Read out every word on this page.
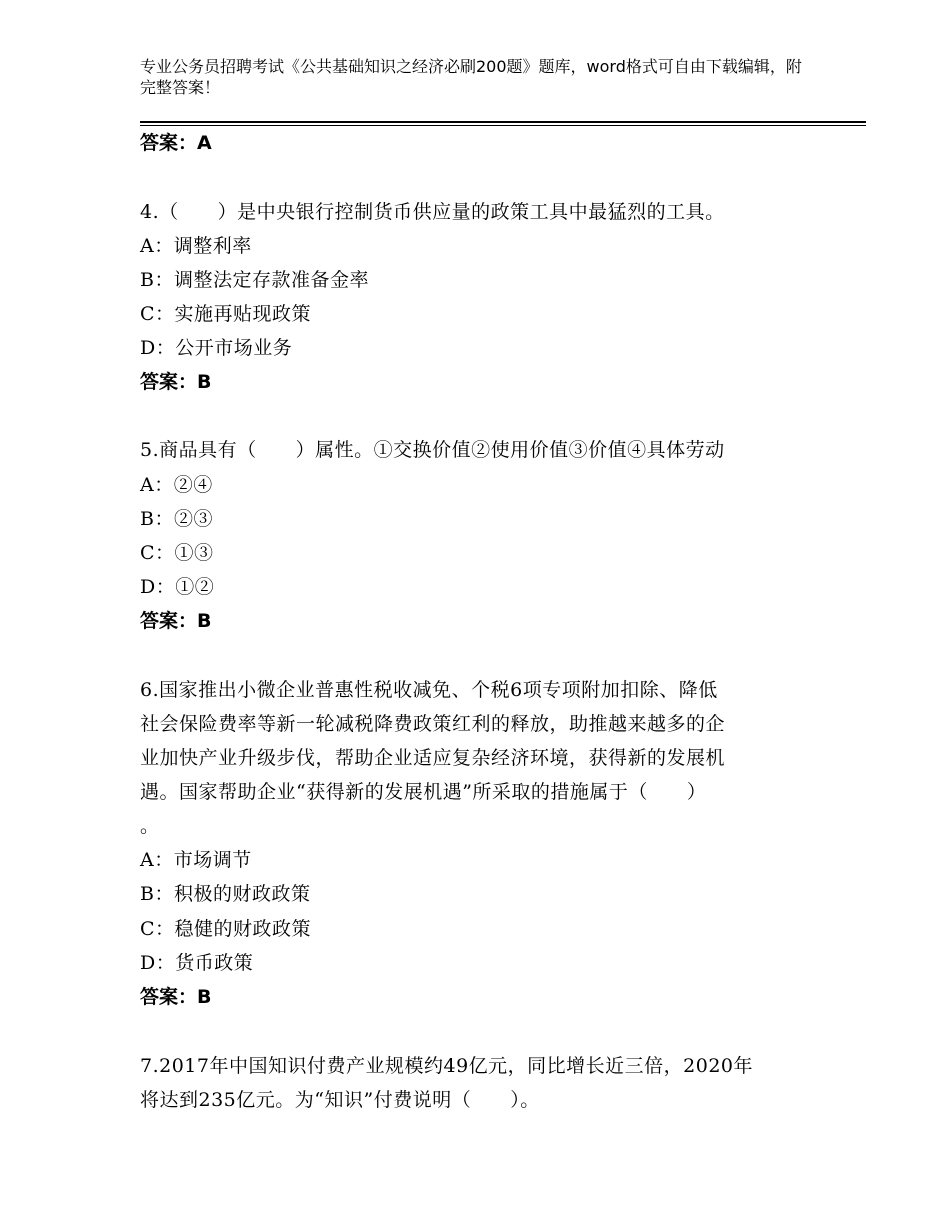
专业公务员招聘考试《公共基础知识之经济必刷200题》题库，word格式可自由下载编辑，附完整答案！
答案：A
4.（　　）是中央银行控制货币供应量的政策工具中最猛烈的工具。
A：调整利率
B：调整法定存款准备金率
C：实施再贴现政策
D：公开市场业务
答案：B
5.商品具有（　　）属性。①交换价值②使用价值③价值④具体劳动
A：②④
B：②③
C：①③
D：①②
答案：B
6.国家推出小微企业普惠性税收减免、个税6项专项附加扣除、降低
社会保险费率等新一轮减税降费政策红利的释放，助推越来越多的企
业加快产业升级步伐，帮助企业适应复杂经济环境，获得新的发展机
遇。国家帮助企业“获得新的发展机遇”所采取的措施属于（　　）
。
A：市场调节
B：积极的财政政策
C：稳健的财政政策
D：货币政策
答案：B
7.2017年中国知识付费产业规模约49亿元，同比增长近三倍，2020年
将达到235亿元。为“知识”付费说明（　　）。
